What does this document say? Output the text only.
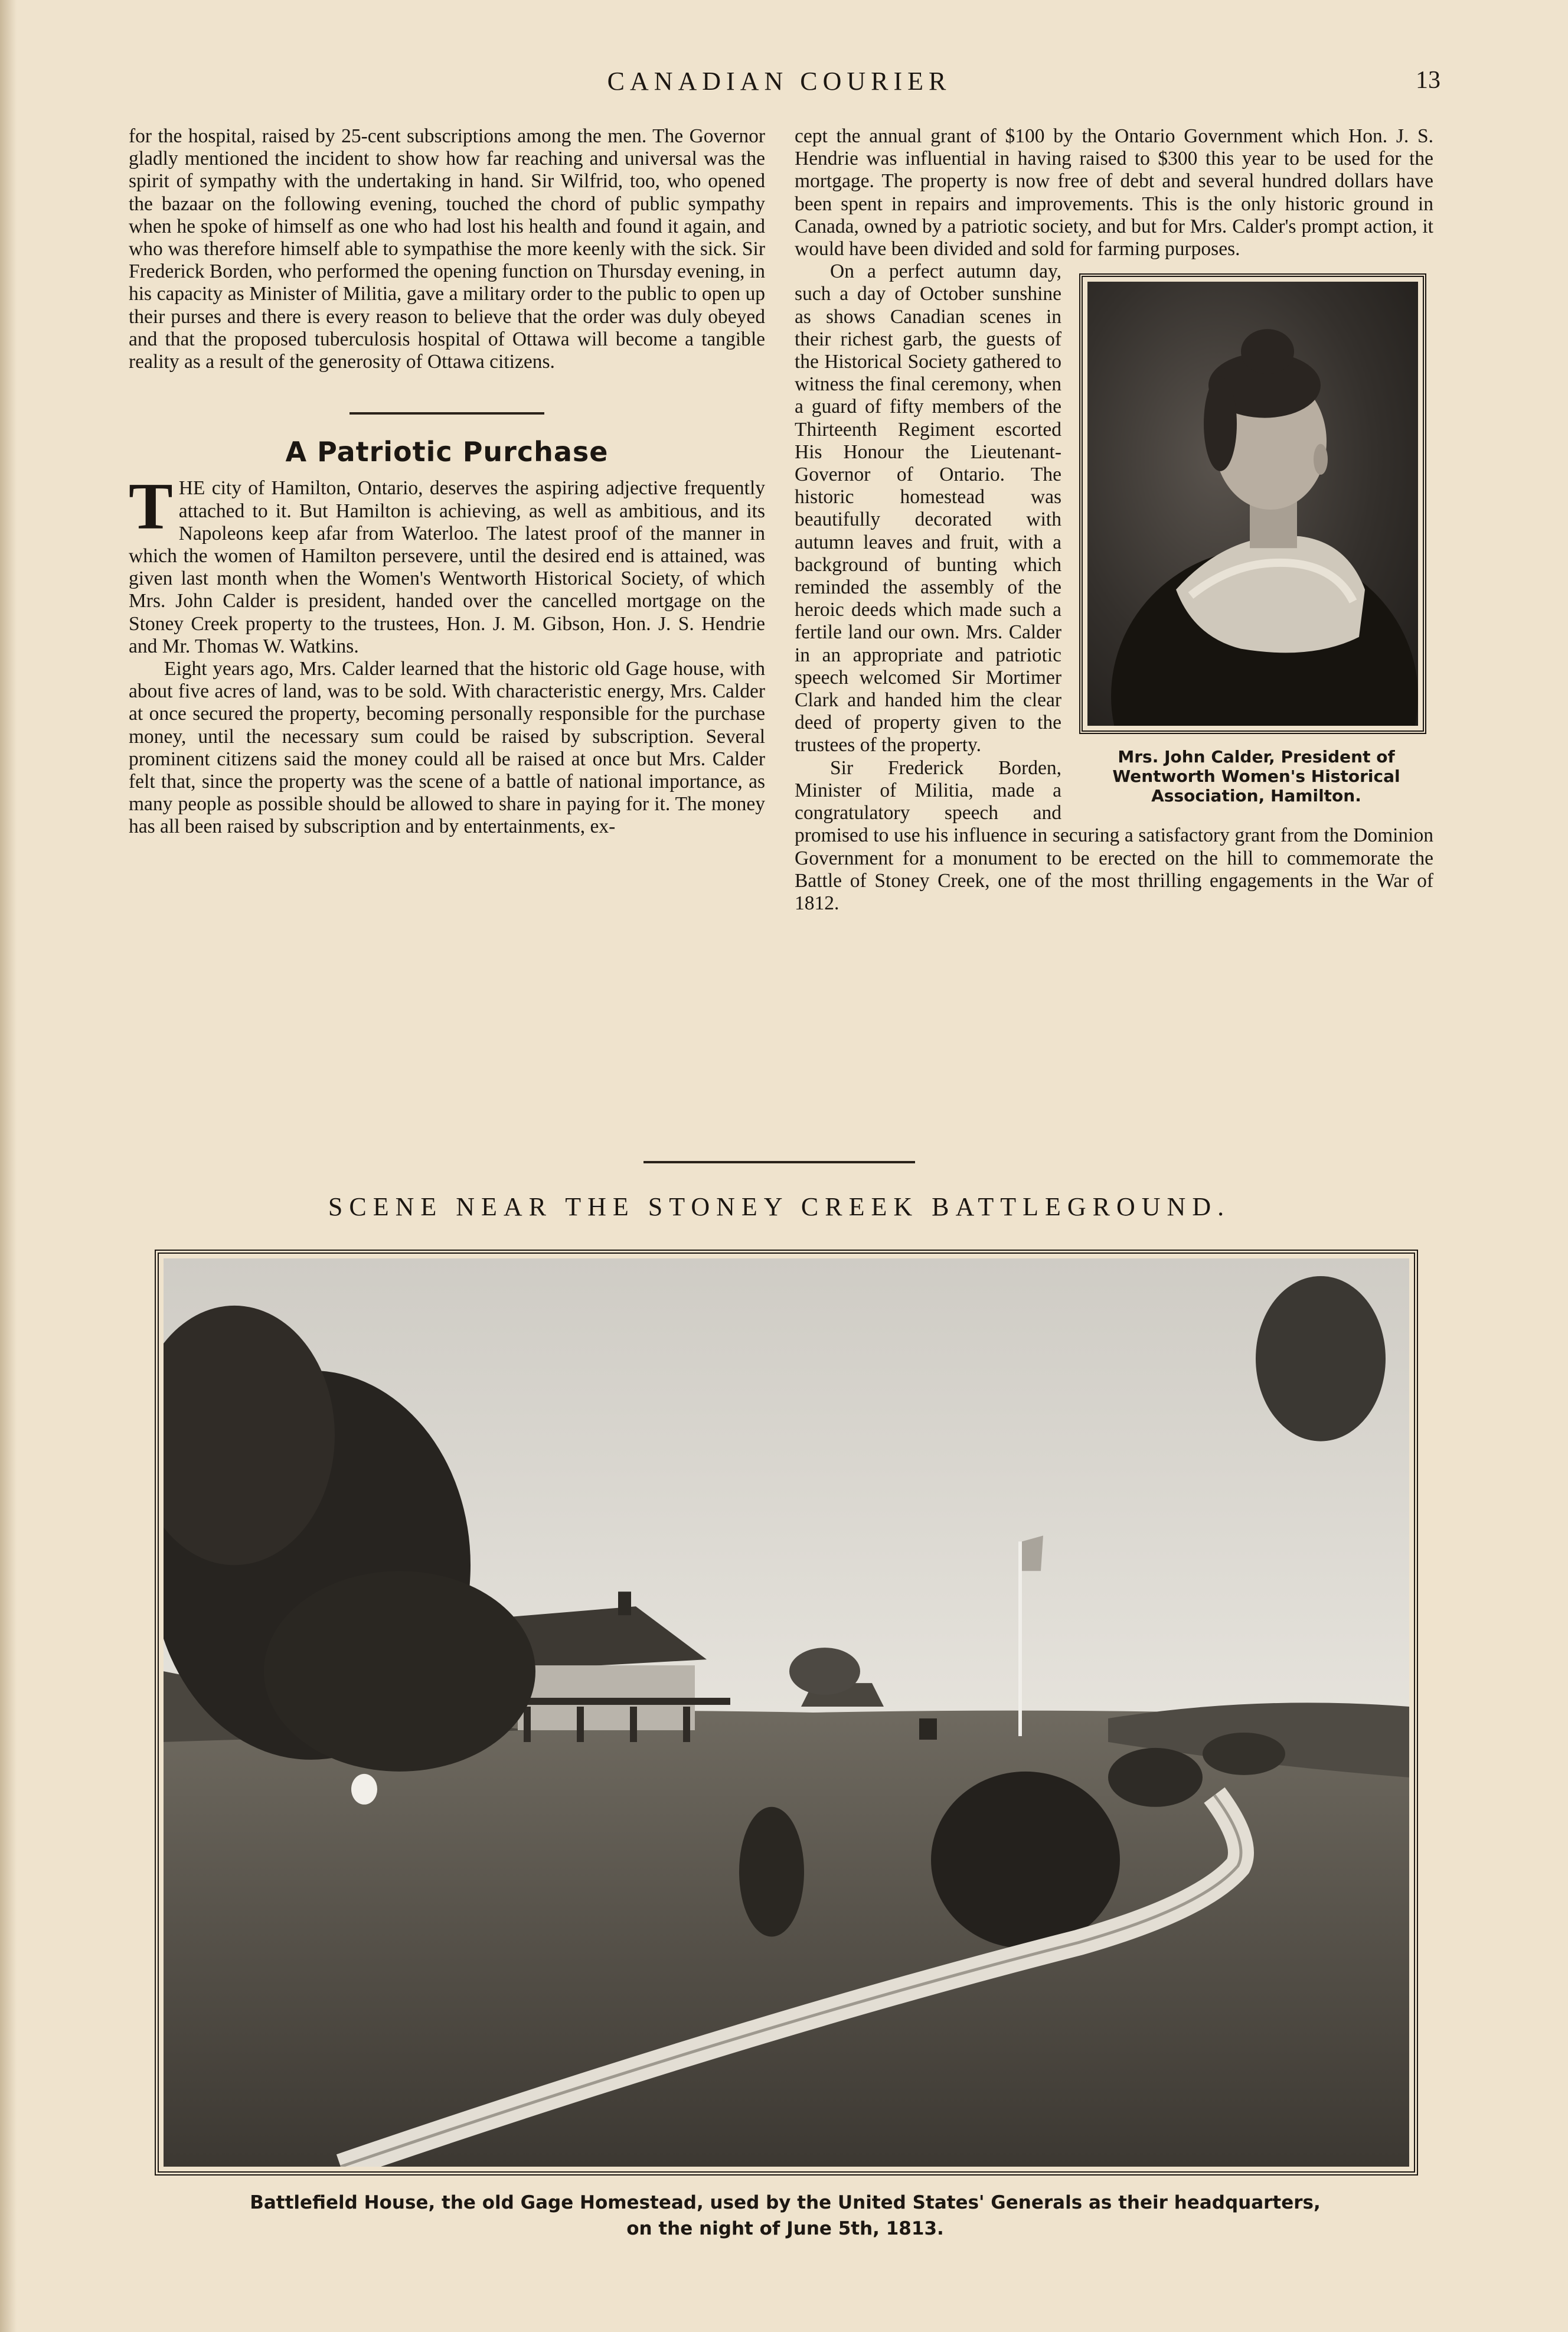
CANADIAN COURIER	13

for the hospital, raised by 25-cent subscriptions among the men. The Governor gladly mentioned the incident to show how far reaching and universal was the spirit of sympathy with the undertaking in hand. Sir Wilfrid, too, who opened the bazaar on the following evening, touched the chord of public sympathy when he spoke of himself as one who had lost his health and found it again, and who was therefore himself able to sympathise the more keenly with the sick. Sir Frederick Borden, who performed the opening function on Thursday evening, in his capacity as Minister of Militia, gave a military order to the public to open up their purses and there is every reason to believe that the order was duly obeyed and that the proposed tuberculosis hospital of Ottawa will become a tangible reality as a result of the generosity of Ottawa citizens.

A Patriotic Purchase

THE city of Hamilton, Ontario, deserves the aspiring adjective frequently attached to it. But Hamilton is achieving, as well as ambitious, and its Napoleons keep afar from Waterloo. The latest proof of the manner in which the women of Hamilton persevere, until the desired end is attained, was given last month when the Women's Wentworth Historical Society, of which Mrs. John Calder is president, handed over the cancelled mortgage on the Stoney Creek property to the trustees, Hon. J. M. Gibson, Hon. J. S. Hendrie and Mr. Thomas W. Watkins.

Eight years ago, Mrs. Calder learned that the historic old Gage house, with about five acres of land, was to be sold. With characteristic energy, Mrs. Calder at once secured the property, becoming personally responsible for the purchase money, until the necessary sum could be raised by subscription. Several prominent citizens said the money could all be raised at once but Mrs. Calder felt that, since the property was the scene of a battle of national importance, as many people as possible should be allowed to share in paying for it. The money has all been raised by subscription and by entertainments, ex-

cept the annual grant of $100 by the Ontario Government which Hon. J. S. Hendrie was influential in having raised to $300 this year to be used for the mortgage. The property is now free of debt and several hundred dollars have been spent in repairs and improvements. This is the only historic ground in Canada, owned by a patriotic society, and but for Mrs. Calder's prompt action, it would have been divided and sold for farming purposes.

Mrs. John Calder, President of Wentworth Women's Historical Association, Hamilton.

On a perfect autumn day, such a day of October sunshine as shows Canadian scenes in their richest garb, the guests of the Historical Society gathered to witness the final ceremony, when a guard of fifty members of the Thirteenth Regiment escorted His Honour the Lieutenant-Governor of Ontario. The historic homestead was beautifully decorated with autumn leaves and fruit, with a background of bunting which reminded the assembly of the heroic deeds which made such a fertile land our own. Mrs. Calder in an appropriate and patriotic speech welcomed Sir Mortimer Clark and handed him the clear deed of property given to the trustees of the property.

Sir Frederick Borden, Minister of Militia, made a congratulatory speech and promised to use his influence in securing a satisfactory grant from the Dominion Government for a monument to be erected on the hill to commemorate the Battle of Stoney Creek, one of the most thrilling engagements in the War of 1812.

SCENE NEAR THE STONEY CREEK BATTLEGROUND.
Battlefield House, the old Gage Homestead, used by the United States' Generals as their headquarters,
on the night of June 5th, 1813.
